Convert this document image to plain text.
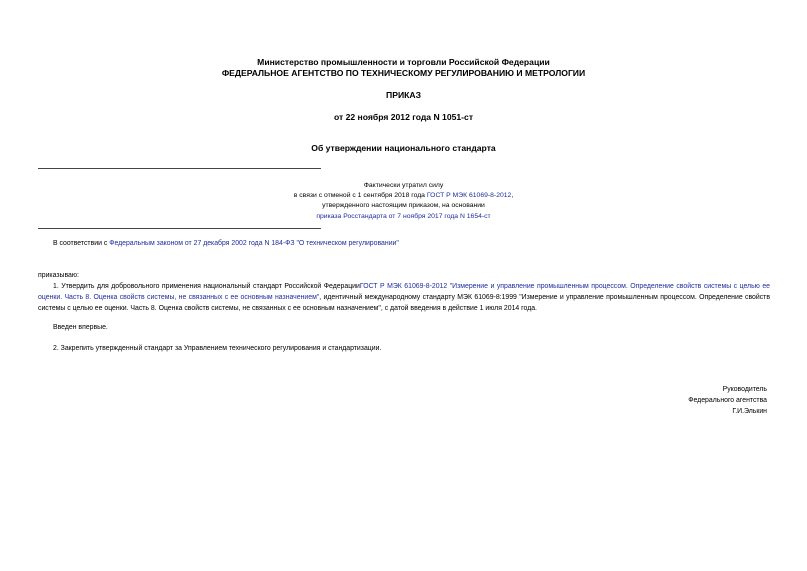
Министерство промышленности и торговли Российской Федерации
ФЕДЕРАЛЬНОЕ АГЕНТСТВО ПО ТЕХНИЧЕСКОМУ РЕГУЛИРОВАНИЮ И МЕТРОЛОГИИ
ПРИКАЗ
от 22 ноября 2012 года N 1051-ст
Об утверждении национального стандарта
Фактически утратил силу
в связи с отменой с 1 сентября 2018 года ГОСТ Р МЭК 61069-8-2012,
утвержденного настоящим приказом, на основании
приказа Росстандарта от 7 ноября 2017 года N 1654-ст
В соответствии с Федеральным законом от 27 декабря 2002 года N 184-ФЗ "О техническом регулировании"
приказываю:
1. Утвердить для добровольного применения национальный стандарт Российской ФедерацииГОСТ Р МЭК 61069-8-2012 "Измерение и управление промышленным процессом. Определение свойств системы с целью ее оценки. Часть 8. Оценка свойств системы, не связанных с ее основным назначением", идентичный международному стандарту МЭК 61069-8:1999 "Измерение и управление промышленным процессом. Определение свойств системы с целью ее оценки. Часть 8. Оценка свойств системы, не связанных с ее основным назначением", с датой введения в действие 1 июля 2014 года.
Введен впервые.
2. Закрепить утвержденный стандарт за Управлением технического регулирования и стандартизации.
Руководитель
Федерального агентства
Г.И.Элькин
